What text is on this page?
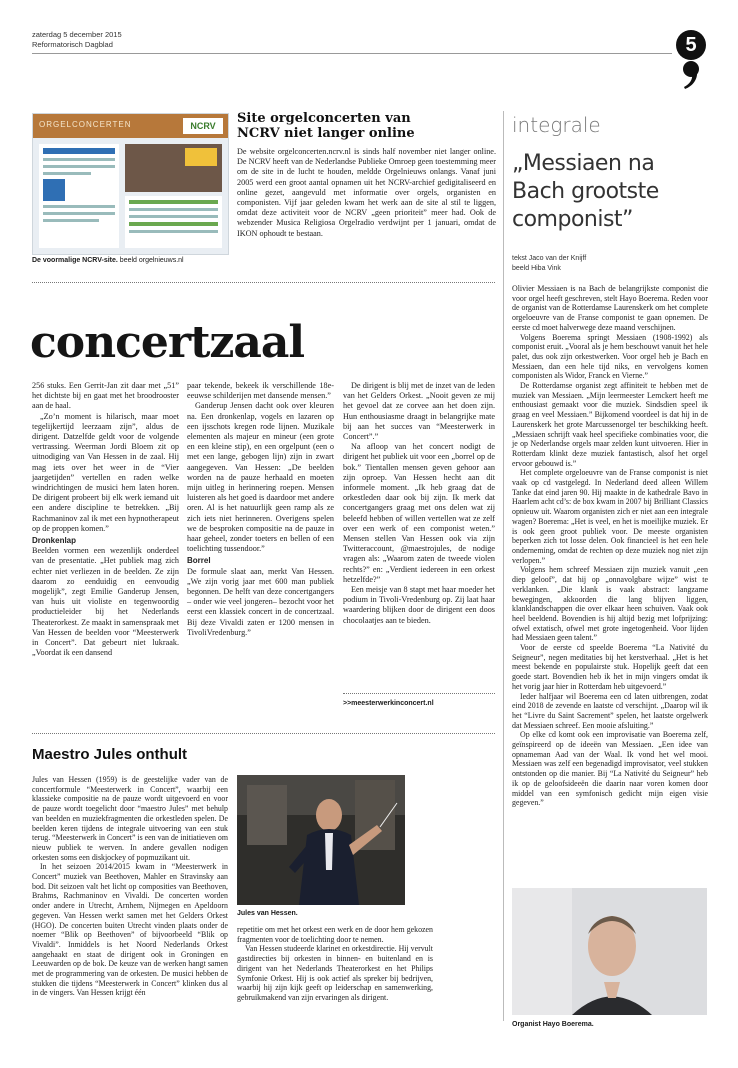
zaterdag 5 december 2015
Reformatorisch Dagblad	5
ORGELCONCERTEN	NCRV
De voormalige NCRV-site. beeld orgelnieuws.nl
Site orgelconcerten van NCRV niet langer online

De website orgelconcerten.ncrv.nl is sinds half november niet langer online. De NCRV heeft van de Nederlandse Publieke Omroep geen toestemming meer om de site in de lucht te houden, meldde Orgelnieuws onlangs. Vanaf juni 2005 werd een groot aantal opnamen uit het NCRV-archief gedigitaliseerd en online gezet, aangevuld met informatie over orgels, organisten en componisten. Vijf jaar geleden kwam het werk aan de site al stil te liggen, omdat deze activiteit voor de NCRV „geen prioriteit” meer had. Ook de webzender Musica Religiosa Orgelradio verdwijnt per 1 januari, omdat de IKON ophoudt te bestaan.

concertzaal

256 stuks. Een Gerrit-Jan zit daar met „51” het dichtste bij en gaat met het broodrooster aan de haal.

„Zo’n moment is hilarisch, maar moet tegelijkertijd leerzaam zijn”, aldus de dirigent. Datzelfde geldt voor de volgende vertrassing. Weerman Jordi Bloem zit op uitnodiging van Van Hessen in de zaal. Hij mag iets over het weer in de “Vier jaargetijden” vertellen en raden welke windrichtingen de musici hem laten horen. De dirigent probeert bij elk werk iemand uit een andere discipline te betrekken. „Bij Rachmaninov zal ik met een hypnotherapeut op de proppen komen.”

Dronkenlap

Beelden vormen een wezenlijk onderdeel van de presentatie. „Het publiek mag zich echter niet verliezen in de beelden. Ze zijn daarom zo eenduidig en eenvoudig mogelijk”, zegt Emilie Ganderup Jensen, van huis uit violiste en tegenwoordig productieleider bij het Nederlands Theaterorkest. Ze maakt in samenspraak met Van Hessen de beelden voor “Meesterwerk in Concert”. Dat gebeurt niet lukraak. „Voordat ik een dansend

paar tekende, bekeek ik verschillende 18e-eeuwse schilderijen met dansende mensen.”

Ganderup Jensen dacht ook over kleuren na. Een dronkenlap, vogels en lazaren op een ijsschots kregen rode lijnen. Muzikale elementen als majeur en mineur (een grote en een kleine stip), en een orgelpunt (een o met een lange, gebogen lijn) zijn in zwart aangegeven. Van Hessen: „De beelden worden na de pauze herhaald en moeten mijn uitleg in herinnering roepen. Mensen luisteren als het goed is daardoor met andere oren. Al is het natuurlijk geen ramp als ze zich iets niet herinneren. Overigens spelen we de besproken compositie na de pauze in haar geheel, zonder toeters en bellen of een toelichting tussendoor.”

Borrel

De formule slaat aan, merkt Van Hessen. „We zijn vorig jaar met 600 man publiek begonnen. De helft van deze concertgangers – onder wie veel jongeren– bezocht voor het eerst een klassiek concert in de concertzaal. Bij deze Vivaldi zaten er 1200 mensen in TivoliVredenburg.”

De dirigent is blij met de inzet van de leden van het Gelders Orkest. „Nooit geven ze mij het gevoel dat ze corvee aan het doen zijn. Hun enthousiasme draagt in belangrijke mate bij aan het succes van “Meesterwerk in Concert”.”

Na afloop van het concert nodigt de dirigent het publiek uit voor een „borrel op de bok.” Tientallen mensen geven gehoor aan zijn oproep. Van Hessen hecht aan dit informele moment. „Ik heb graag dat de orkestleden daar ook bij zijn. Ik merk dat concertgangers graag met ons delen wat zij beleefd hebben of willen vertellen wat ze zelf over een werk of een componist weten.” Mensen stellen Van Hessen ook via zijn Twitteraccount, @maestrojules, de nodige vragen als: „Waarom zaten de tweede violen rechts?” en: „Verdient iedereen in een orkest hetzelfde?”

Een meisje van 8 stapt met haar moeder het podium in Tivoli-Vredenburg op. Zij laat haar waardering blijken door de dirigent een doos chocolaatjes aan te bieden.

>>meesterwerkinconcert.nl
Maestro Jules onthult

Jules van Hessen (1959) is de geestelijke vader van de concertformule “Meesterwerk in Concert”, waarbij een klassieke compositie na de pauze wordt uitgevoerd en voor de pauze wordt toegelicht door “maestro Jules” met behulp van beelden en muziekfragmenten die orkestleden spelen. De beelden keren tijdens de integrale uitvoering van een stuk terug. “Meesterwerk in Concert” is een van de initiatieven om nieuw publiek te werven. In andere gevallen nodigen orkesten soms een diskjockey of popmuzikant uit.

In het seizoen 2014/2015 kwam in “Meesterwerk in Concert” muziek van Beethoven, Mahler en Stravinsky aan bod. Dit seizoen valt het licht op composities van Beethoven, Brahms, Rachmaninov en Vivaldi. De concerten worden onder andere in Utrecht, Arnhem, Nijmegen en Apeldoorn gegeven. Van Hessen werkt samen met het Gelders Orkest (HGO). De concerten buiten Utrecht vinden plaats onder de noemer “Blik op Beethoven” of bijvoorbeeld “Blik op Vivaldi”. Inmiddels is het Noord Nederlands Orkest aangehaakt en staat de dirigent ook in Groningen en Leeuwarden op de bok. De keuze van de werken hangt samen met de programmering van de orkesten. De musici hebben de stukken die tijdens “Meesterwerk in Concert” klinken dus al in de vingers. Van Hessen krijgt één

Jules van Hessen.

repetitie om met het orkest een werk en de door hem gekozen fragmenten voor de toelichting door te nemen.

Van Hessen studeerde klarinet en orkestdirectie. Hij vervult gastdirecties bij orkesten in binnen- en buitenland en is dirigent van het Nederlands Theaterorkest en het Philips Symfonie Orkest. Hij is ook actief als spreker bij bedrijven, waarbij hij zijn kijk geeft op leiderschap en samenwerking, gebruikmakend van zijn ervaringen als dirigent.

integrale
„Messiaen na Bach grootste componist”
tekst Jaco van der Knijff
beeld Hiba Vink

Olivier Messiaen is na Bach de belangrijkste componist die voor orgel heeft geschreven, stelt Hayo Boerema. Reden voor de organist van de Rotterdamse Laurenskerk om het complete orgeloeuvre van de Franse componist te gaan opnemen. De eerste cd moet halverwege deze maand verschijnen.

Volgens Boerema springt Messiaen (1908-1992) als componist eruit. „Vooral als je hem beschouwt vanuit het hele palet, dus ook zijn orkestwerken. Voor orgel heb je Bach en Messiaen, dan een hele tijd niks, en vervolgens komen componisten als Widor, Franck en Vierne.”

De Rotterdamse organist zegt affiniteit te hebben met de muziek van Messiaen. „Mijn leermeester Lemckert heeft me enthousiast gemaakt voor die muziek. Sindsdien speel ik graag en veel Messiaen.” Bijkomend voordeel is dat hij in de Laurenskerk het grote Marcussenorgel ter beschikking heeft. „Messiaen schrijft vaak heel specifieke combinaties voor, die je op Nederlandse orgels maar zelden kunt uitvoeren. Hier in Rotterdam klinkt deze muziek fantastisch, alsof het orgel ervoor gebouwd is.”

Het complete orgeloeuvre van de Franse componist is niet vaak op cd vastgelegd. In Nederland deed alleen Willem Tanke dat eind jaren 90. Hij maakte in de kathedrale Bavo in Haarlem acht cd’s: de box kwam in 2007 bij Brilliant Classics opnieuw uit. Waarom organisten zich er niet aan een integrale wagen? Boerema: „Het is veel, en het is moeilijke muziek. Er is ook geen groot publiek voor. De meeste organisten beperken zich tot losse delen. Ook financieel is het een hele onderneming, omdat de rechten op deze muziek nog niet zijn verlopen.”

Volgens hem schreef Messiaen zijn muziek vanuit „een diep geloof”, dat hij op „onnavolgbare wijze” wist te verklanken. „Die klank is vaak abstract: langzame bewegingen, akkoorden die lang blijven liggen, klanklandschappen die over elkaar heen schuiven. Vaak ook heel beeldend. Bovendien is hij altijd bezig met lofprijzing: ofwel extatisch, ofwel met grote ingetogenheid. Voor lijden had Messiaen geen talent.”

Voor de eerste cd speelde Boerema “La Nativité du Seigneur”, negen meditaties bij het kerstverhaal. „Het is het meest bekende en populairste stuk. Hopelijk geeft dat een goede start. Bovendien heb ik het in mijn vingers omdat ik het vorig jaar hier in Rotterdam heb uitgevoerd.”

Ieder halfjaar wil Boerema een cd laten uitbrengen, zodat eind 2018 de zevende en laatste cd verschijnt. „Daarop wil ik het “Livre du Saint Sacrement” spelen, het laatste orgelwerk dat Messiaen schreef. Een mooie afsluiting.”

Op elke cd komt ook een improvisatie van Boerema zelf, geïnspireerd op de ideeën van Messiaen. „Een idee van opnameman Aad van der Waal. Ik vond het wel mooi. Messiaen was zelf een begenadigd improvisator, veel stukken ontstonden op die manier. Bij “La Nativité du Seigneur” heb ik op de geloofsideeën die daarin naar voren komen door middel van een symfonisch gedicht mijn eigen visie gegeven.”

Organist Hayo Boerema.
